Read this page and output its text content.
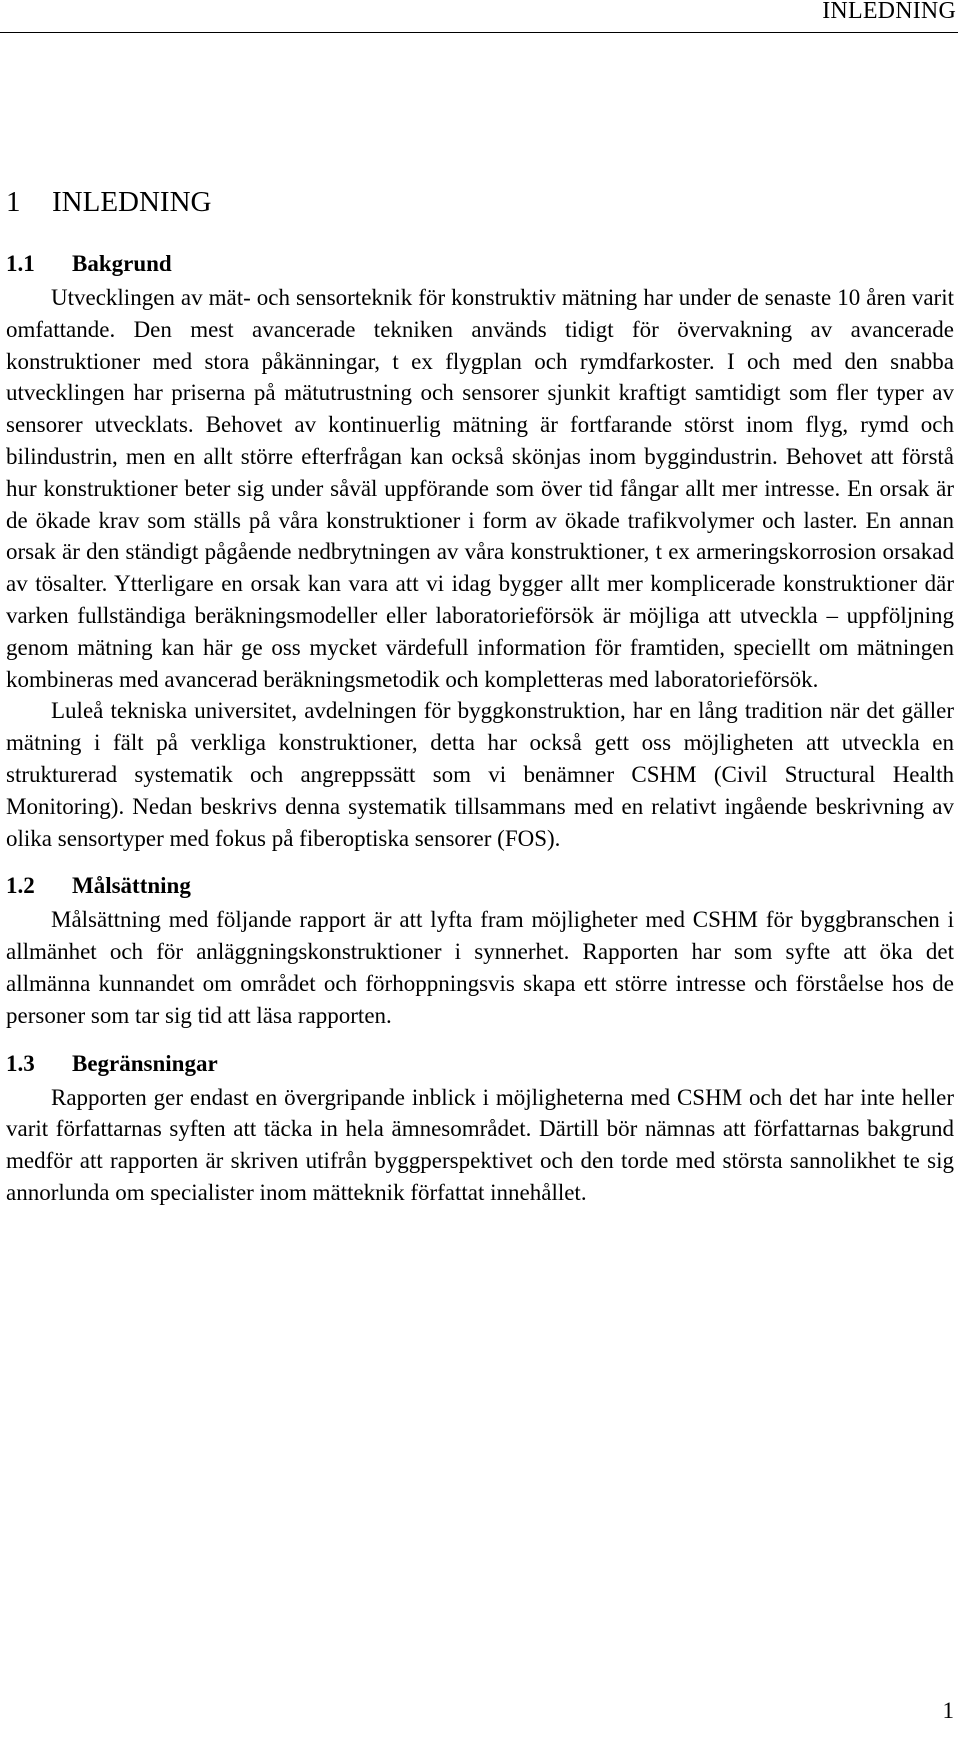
INLEDNING
1 INLEDNING
1.1 Bakgrund

Utvecklingen av mät- och sensorteknik för konstruktiv mätning har under de senaste 10 åren varit omfattande. Den mest avancerade tekniken används tidigt för övervakning av avancerade konstruktioner med stora påkänningar, t ex flygplan och rymdfarkoster. I och med den snabba utvecklingen har priserna på mätutrustning och sensorer sjunkit kraftigt samtidigt som fler typer av sensorer utvecklats. Behovet av kontinuerlig mätning är fortfarande störst inom flyg, rymd och bilindustrin, men en allt större efterfrågan kan också skönjas inom byggindustrin. Behovet att förstå hur konstruktioner beter sig under såväl uppförande som över tid fångar allt mer intresse. En orsak är de ökade krav som ställs på våra konstruktioner i form av ökade trafikvolymer och laster. En annan orsak är den ständigt pågående nedbrytningen av våra konstruktioner, t ex armeringskorrosion orsakad av tösalter. Ytterligare en orsak kan vara att vi idag bygger allt mer komplicerade konstruktioner där varken fullständiga beräkningsmodeller eller laboratorieförsök är möjliga att utveckla – uppföljning genom mätning kan här ge oss mycket värdefull information för framtiden, speciellt om mätningen kombineras med avancerad beräkningsmetodik och kompletteras med laboratorieförsök.

Luleå tekniska universitet, avdelningen för byggkonstruktion, har en lång tradition när det gäller mätning i fält på verkliga konstruktioner, detta har också gett oss möjligheten att utveckla en strukturerad systematik och angreppssätt som vi benämner CSHM (Civil Structural Health Monitoring). Nedan beskrivs denna systematik tillsammans med en relativt ingående beskrivning av olika sensortyper med fokus på fiberoptiska sensorer (FOS).

1.2 Målsättning

Målsättning med följande rapport är att lyfta fram möjligheter med CSHM för byggbranschen i allmänhet och för anläggningskonstruktioner i synnerhet. Rapporten har som syfte att öka det allmänna kunnandet om området och förhoppningsvis skapa ett större intresse och förståelse hos de personer som tar sig tid att läsa rapporten.

1.3 Begränsningar

Rapporten ger endast en övergripande inblick i möjligheterna med CSHM och det har inte heller varit författarnas syften att täcka in hela ämnesområdet. Därtill bör nämnas att författarnas bakgrund medför att rapporten är skriven utifrån byggperspektivet och den torde med största sannolikhet te sig annorlunda om specialister inom mätteknik författat innehållet.

1
